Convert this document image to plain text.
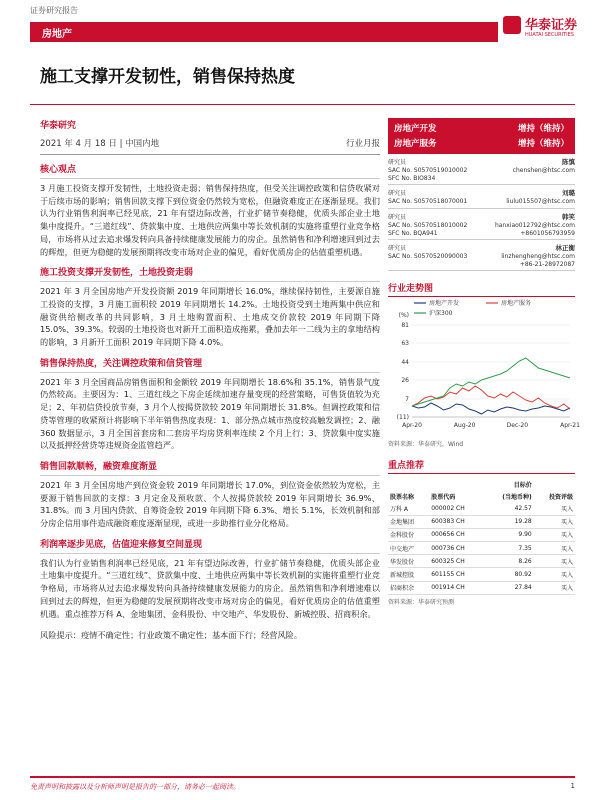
证券研究报告
房地产
华泰证券
HUATAI SECURITIES
施工支撑开发韧性，销售保持热度
华泰研究
2021 年 4 月 18 日 | 中国内地	行业月报
核心观点

3 月施工投资支撑开发韧性，土地投资走弱；销售保持热度，但受关注调控政策和信贷收紧对于后续市场的影响；销售回款支撑下到位资金仍然较为宽松，但融资难度正在逐渐显现。我们认为行业销售利润率已经见底，21 年有望边际改善，行业扩储节奏稳健，优质头部企业土地集中度提升。“三道红线”、贷款集中度、土地供应两集中等长效机制的实施将重塑行业竞争格局，市场将从过去追求爆发转向具备持续健康发展能力的房企。虽然销售和净利增速回到过去的辉煌，但更为稳健的发展预期将改变市场对企业的偏见，看好优质房企的估值重塑机遇。

施工投资支撑开发韧性，土地投资走弱

2021 年 3 月全国房地产开发投资额 2019 年同期增长 16.0%，继续保持韧性，主要源自施工投资的支撑，3 月施工面积较 2019 年同期增长 14.2%。土地投资受到土地两集中供应和融资供给侧改革的共同影响，3 月土地购置面积、土地成交价款较 2019 年同期下降 15.0%、39.3%。较弱的土地投资也对新开工面积造成拖累，叠加去年一二线为主的拿地结构的影响，3 月新开工面积 2019 年同期下降 4.0%。

销售保持热度，关注调控政策和信贷管理

2021 年 3 月全国商品房销售面积和金额较 2019 年同期增长 18.6%和 35.1%，销售景气度仍然较高。主要因为：1、三道红线之下房企延续加速存量变现的经营策略，可售货值较为充足；2、年初信贷投放节奏，3 月个人按揭贷款较 2019 年同期增长 31.8%。但调控政策和信贷等管理的收紧预计将影响下半年销售热度表现：1、部分热点城市热度较高触发调控；2、融 360 数据显示，3 月全国首套房和二套房平均房贷利率连续 2 个月上行；3、贷款集中度实施以及抵押经营贷等违规资金监管趋严。

销售回款顺畅，融资难度渐显

2021 年 3 月全国房地产到位资金较 2019 年同期增长 17.0%，到位资金依然较为宽松，主要源于销售回款的支撑：3 月定金及预收款、个人按揭贷款较 2019 年同期增长 36.9%、31.8%。而 3 月国内贷款、自筹资金较 2019 年同期下降 6.3%、增长 5.1%，长效机制和部分房企信用事件造成融资难度逐渐显现，或进一步助推行业分化格局。

利润率逐步见底，估值迎来修复空间显现

我们认为行业销售利润率已经见底，21 年有望边际改善，行业扩储节奏稳健，优质头部企业土地集中度提升。“三道红线”、贷款集中度、土地供应两集中等长效机制的实施将重塑行业竞争格局，市场将从过去追求爆发转向具备持续健康发展能力的房企。虽然销售和净利增速难以回到过去的辉煌，但更为稳健的发展预期将改变市场对房企的偏见，看好优质房企的估值重塑机遇。重点推荐万科 A、金地集团、金科股份、中交地产、华发股份、新城控股、招商积余。

风险提示：疫情不确定性；行业政策不确定性；基本面下行；经营风险。
房地产开发	增持（维持）
房地产服务	增持（维持）
研究员	陈慎
SAC No. S0570519010002	chenshen@htsc.com
SFC No. BIO834
研究员	刘璐
SAC No. S0570518070001	liulu015507@htsc.com
研究员	韩笑
SAC No. S0570518010002	hanxiao012792@htsc.com
SFC No. BQA941	+8601056793959
研究员	林正衡
SAC No. S0570520090003	linzhengheng@htsc.com
+86-21-28972087
行业走势图
81
63
44
26
7
(11)
(%)
Apr-20	Aug-20	Dec-20	Apr-21
房地产开发	房地产服务
沪深300
资料来源：华泰研究，Wind
重点推荐
		目标价	
股票名称	股票代码	(当地币种)	投资评级
万科 A	000002 CH	42.57	买入
金地集团	600383 CH	19.28	买入
金科股份	000656 CH	9.90	买入
中交地产	000736 CH	7.35	买入
华发股份	600325 CH	8.26	买入
新城控股	601155 CH	80.92	买入
招商积余	001914 CH	27.84	买入
资料来源：华泰研究预测
免责声明和披露以及分析师声明是报告的一部分，请务必一起阅读。	1
